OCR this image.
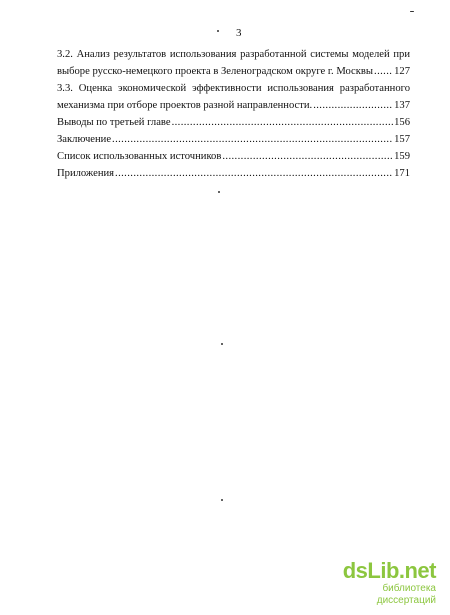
3
3.2. Анализ результатов использования разработанной системы моделей при
выборе русско-немецкого проекта в Зеленоградском округе г. Москвы ..... 127
3.3. Оценка экономической эффективности использования разработанного
механизма при отборе проектов разной направленности. .....	137
Выводы по третьей главе .....	156
Заключение .....	157
Список использованных источников .....	159
Приложения .....	171
dsLib.net
библиотека диссертаций
